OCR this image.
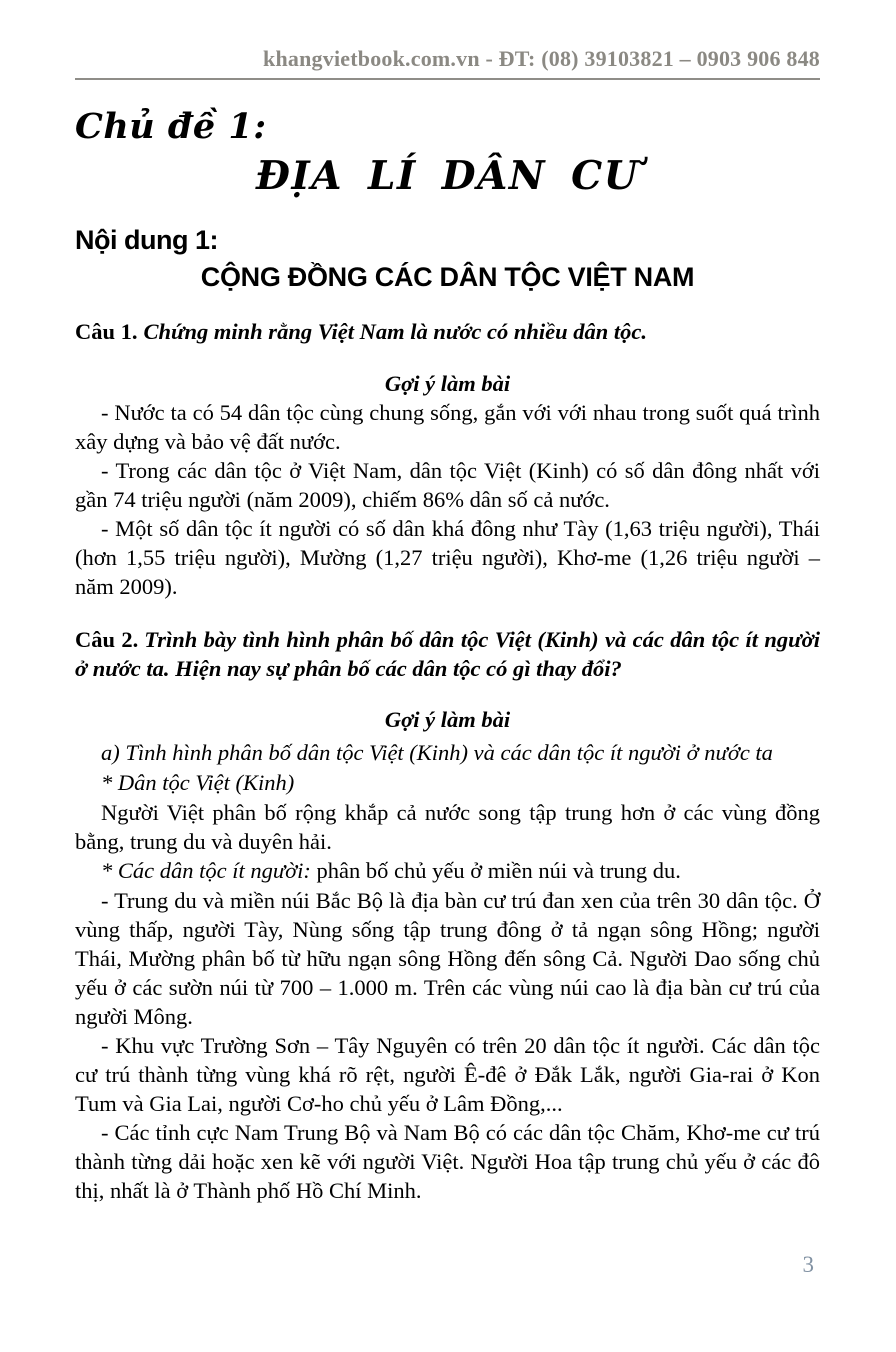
khangvietbook.com.vn - ĐT: (08) 39103821 – 0903 906 848
Chủ đề 1:
ĐỊA LÍ DÂN CƯ
Nội dung 1:
CỘNG ĐỒNG CÁC DÂN TỘC VIỆT NAM

Câu 1. Chứng minh rằng Việt Nam là nước có nhiều dân tộc.

Gợi ý làm bài

- Nước ta có 54 dân tộc cùng chung sống, gắn với với nhau trong suốt quá trình xây dựng và bảo vệ đất nước.

- Trong các dân tộc ở Việt Nam, dân tộc Việt (Kinh) có số dân đông nhất với gần 74 triệu người (năm 2009), chiếm 86% dân số cả nước.

- Một số dân tộc ít người có số dân khá đông như Tày (1,63 triệu người), Thái (hơn 1,55 triệu người), Mường (1,27 triệu người), Khơ-me (1,26 triệu người – năm 2009).

Câu 2. Trình bày tình hình phân bố dân tộc Việt (Kinh) và các dân tộc ít người ở nước ta. Hiện nay sự phân bố các dân tộc có gì thay đổi?

Gợi ý làm bài

a) Tình hình phân bố dân tộc Việt (Kinh) và các dân tộc ít người ở nước ta

* Dân tộc Việt (Kinh)

Người Việt phân bố rộng khắp cả nước song tập trung hơn ở các vùng đồng bằng, trung du và duyên hải.

* Các dân tộc ít người: phân bố chủ yếu ở miền núi và trung du.

- Trung du và miền núi Bắc Bộ là địa bàn cư trú đan xen của trên 30 dân tộc. Ở vùng thấp, người Tày, Nùng sống tập trung đông ở tả ngạn sông Hồng; người Thái, Mường phân bố từ hữu ngạn sông Hồng đến sông Cả. Người Dao sống chủ yếu ở các sườn núi từ 700 – 1.000 m. Trên các vùng núi cao là địa bàn cư trú của người Mông.

- Khu vực Trường Sơn – Tây Nguyên có trên 20 dân tộc ít người. Các dân tộc cư trú thành từng vùng khá rõ rệt, người Ê-đê ở Đắk Lắk, người Gia-rai ở Kon Tum và Gia Lai, người Cơ-ho chủ yếu ở Lâm Đồng,...

- Các tỉnh cực Nam Trung Bộ và Nam Bộ có các dân tộc Chăm, Khơ-me cư trú thành từng dải hoặc xen kẽ với người Việt. Người Hoa tập trung chủ yếu ở các đô thị, nhất là ở Thành phố Hồ Chí Minh.

3
